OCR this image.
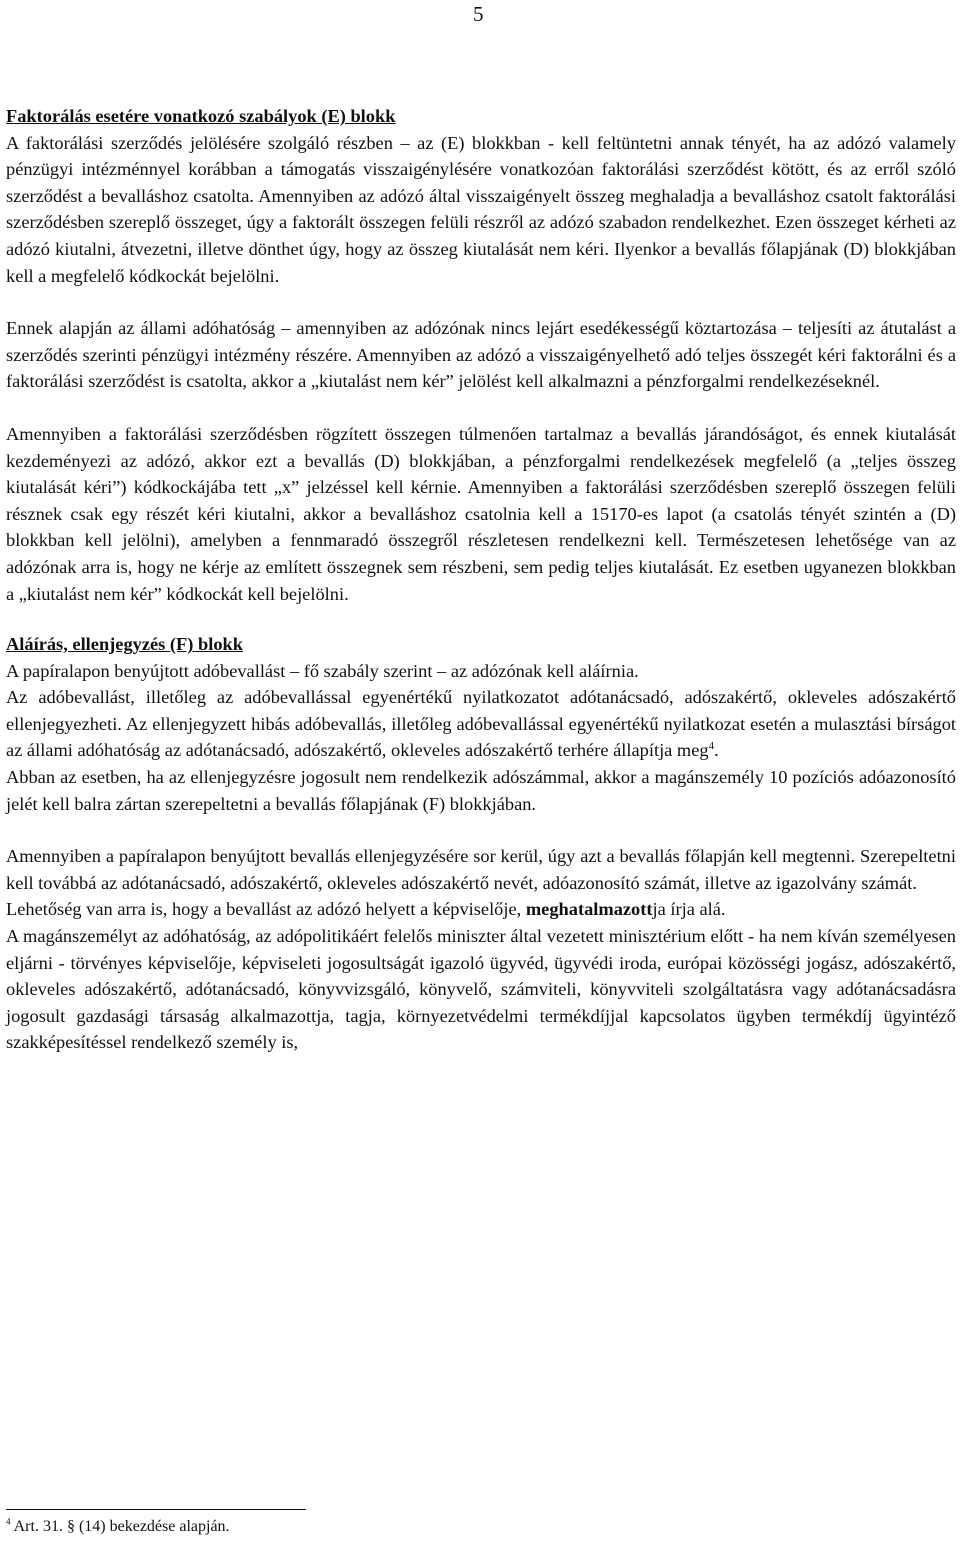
5

Faktorálás esetére vonatkozó szabályok (E) blokk

A faktorálási szerződés jelölésére szolgáló részben – az (E) blokkban - kell feltüntetni annak tényét, ha az adózó valamely pénzügyi intézménnyel korábban a támogatás visszaigénylésére vonatkozóan faktorálási szerződést kötött, és az erről szóló szerződést a bevalláshoz csatolta. Amennyiben az adózó által visszaigényelt összeg meghaladja a bevalláshoz csatolt faktorálási szerződésben szereplő összeget, úgy a faktorált összegen felüli részről az adózó szabadon rendelkezhet. Ezen összeget kérheti az adózó kiutalni, átvezetni, illetve dönthet úgy, hogy az összeg kiutalását nem kéri. Ilyenkor a bevallás főlapjának (D) blokkjában kell a megfelelő kódkockát bejelölni.

Ennek alapján az állami adóhatóság – amennyiben az adózónak nincs lejárt esedékességű köztartozása – teljesíti az átutalást a szerződés szerinti pénzügyi intézmény részére. Amennyiben az adózó a visszaigényelhető adó teljes összegét kéri faktorálni és a faktorálási szerződést is csatolta, akkor a „kiutalást nem kér” jelölést kell alkalmazni a pénzforgalmi rendelkezéseknél.

Amennyiben a faktorálási szerződésben rögzített összegen túlmenően tartalmaz a bevallás járandóságot, és ennek kiutalását kezdeményezi az adózó, akkor ezt a bevallás (D) blokkjában, a pénzforgalmi rendelkezések megfelelő (a „teljes összeg kiutalását kéri”) kódkockájába tett „x” jelzéssel kell kérnie. Amennyiben a faktorálási szerződésben szereplő összegen felüli résznek csak egy részét kéri kiutalni, akkor a bevalláshoz csatolnia kell a 15170-es lapot (a csatolás tényét szintén a (D) blokkban kell jelölni), amelyben a fennmaradó összegről részletesen rendelkezni kell. Természetesen lehetősége van az adózónak arra is, hogy ne kérje az említett összegnek sem részbeni, sem pedig teljes kiutalását. Ez esetben ugyanezen blokkban a „kiutalást nem kér” kódkockát kell bejelölni.

Aláírás, ellenjegyzés (F) blokk

A papíralapon benyújtott adóbevallást – fő szabály szerint – az adózónak kell aláírnia.

Az adóbevallást, illetőleg az adóbevallással egyenértékű nyilatkozatot adótanácsadó, adószakértő, okleveles adószakértő ellenjegyezheti. Az ellenjegyzett hibás adóbevallás, illetőleg adóbevallással egyenértékű nyilatkozat esetén a mulasztási bírságot az állami adóhatóság az adótanácsadó, adószakértő, okleveles adószakértő terhére állapítja meg$^4$.

Abban az esetben, ha az ellenjegyzésre jogosult nem rendelkezik adószámmal, akkor a magánszemély 10 pozíciós adóazonosító jelét kell balra zártan szerepeltetni a bevallás főlapjának (F) blokkjában.

Amennyiben a papíralapon benyújtott bevallás ellenjegyzésére sor kerül, úgy azt a bevallás főlapján kell megtenni. Szerepeltetni kell továbbá az adótanácsadó, adószakértő, okleveles adószakértő nevét, adóazonosító számát, illetve az igazolvány számát.

Lehetőség van arra is, hogy a bevallást az adózó helyett a képviselője, meghatalmazottja írja alá.

A magánszemélyt az adóhatóság, az adópolitikáért felelős miniszter által vezetett minisztérium előtt - ha nem kíván személyesen eljárni - törvényes képviselője, képviseleti jogosultságát igazoló ügyvéd, ügyvédi iroda, európai közösségi jogász, adószakértő, okleveles adószakértő, adótanácsadó, könyvvizsgáló, könyvelő, számviteli, könyvviteli szolgáltatásra vagy adótanácsadásra jogosult gazdasági társaság alkalmazottja, tagja, környezetvédelmi termékdíjjal kapcsolatos ügyben termékdíj ügyintéző szakképesítéssel rendelkező személy is,

$^4$ Art. 31. § (14) bekezdése alapján.
